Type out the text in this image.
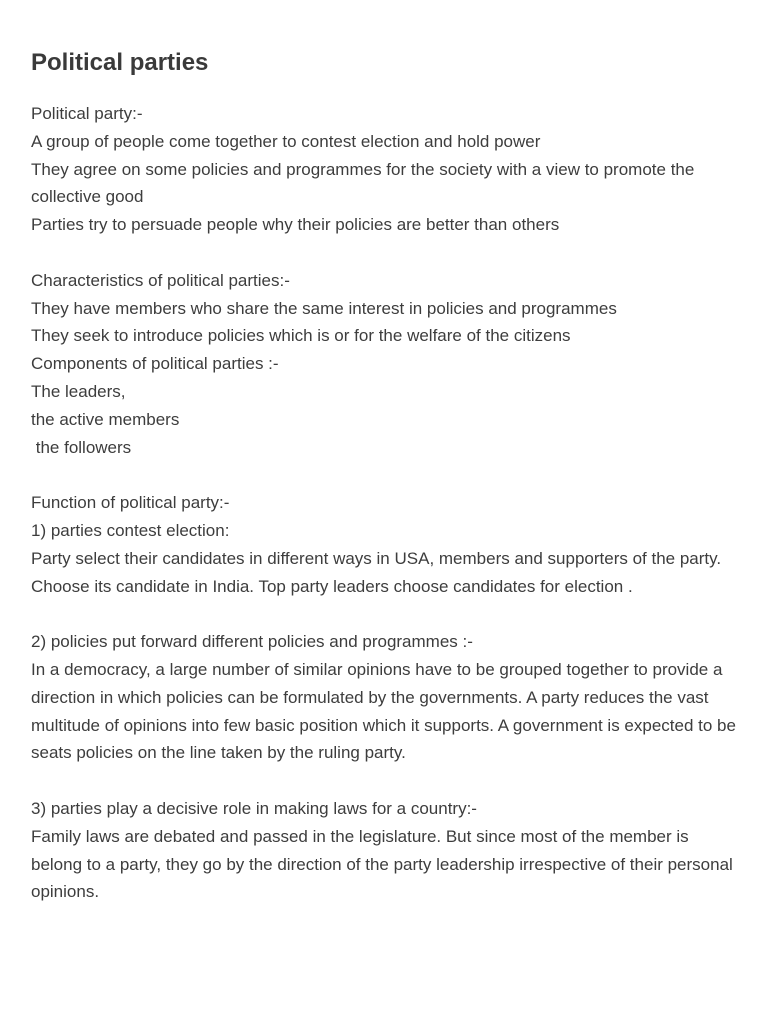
Political parties
Political party:-
A group of people come together to contest election and hold power
They agree on some policies and programmes for the society with a view to promote the collective good
Parties try to persuade people why their policies are better than others
Characteristics of political parties:-
They have members who share the same interest in policies and programmes
They seek to introduce policies which is or for the welfare of the citizens
Components of political parties :-
The leaders,
the active members
the followers
Function of political party:-
1) parties contest election:
Party select their candidates in different ways in USA, members and supporters of the party. Choose its candidate in India. Top party leaders choose candidates for election .
2) policies put forward different policies and programmes :-
In a democracy, a large number of similar opinions have to be grouped together to provide a direction in which policies can be formulated by the governments. A party reduces the vast multitude of opinions into few basic position which it supports. A government is expected to be seats policies on the line taken by the ruling party.
3) parties play a decisive role in making laws for a country:-
Family laws are debated and passed in the legislature. But since most of the member is belong to a party, they go by the direction of the party leadership irrespective of their personal opinions.
